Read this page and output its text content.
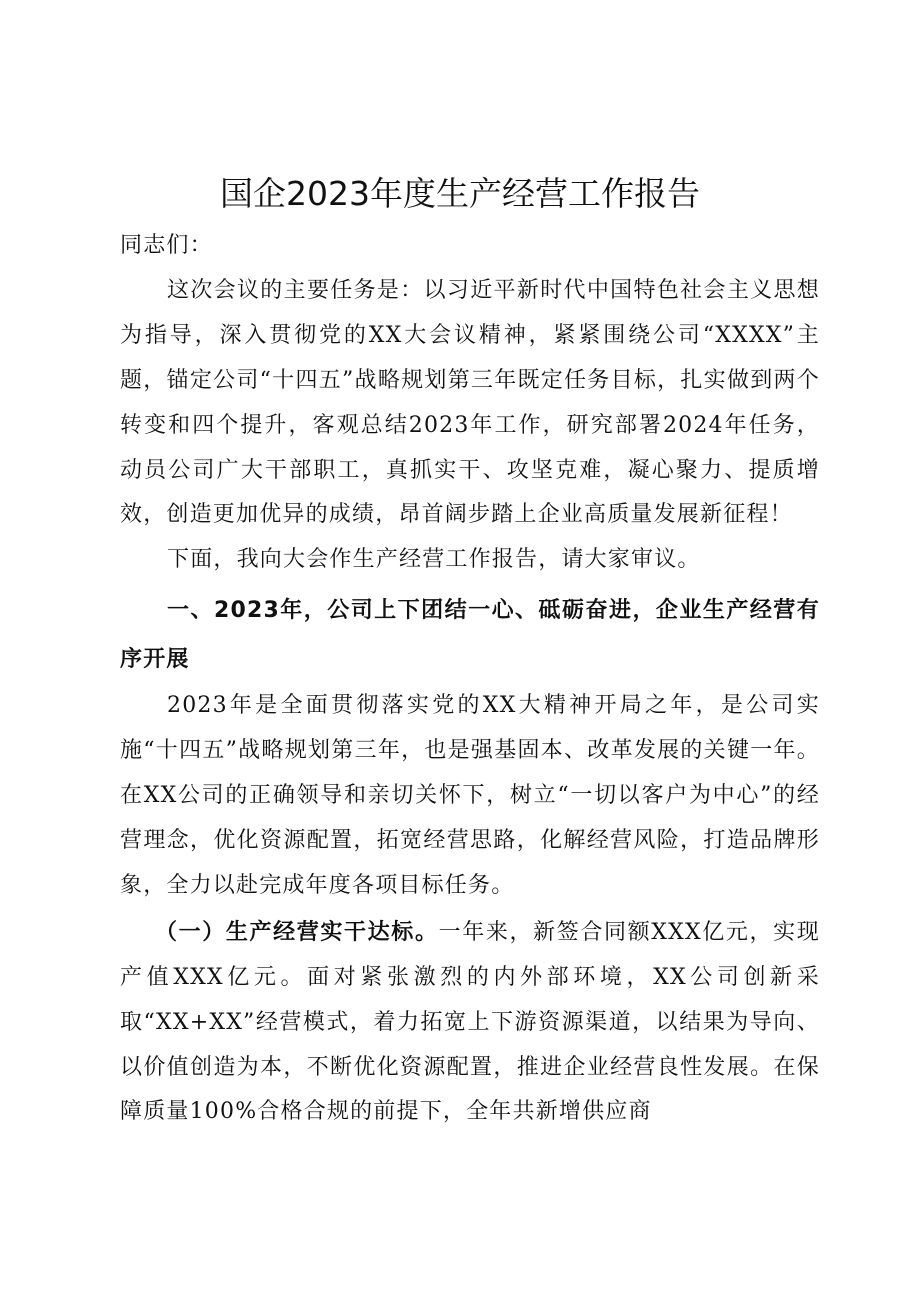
国企2023年度生产经营工作报告

同志们：

这次会议的主要任务是：以习近平新时代中国特色社会主义思想为指导，深入贯彻党的XX大会议精神，紧紧围绕公司“XXXX”主题，锚定公司“十四五”战略规划第三年既定任务目标，扎实做到两个转变和四个提升，客观总结2023年工作，研究部署2024年任务，动员公司广大干部职工，真抓实干、攻坚克难，凝心聚力、提质增效，创造更加优异的成绩，昂首阔步踏上企业高质量发展新征程！

下面，我向大会作生产经营工作报告，请大家审议。

一、2023年，公司上下团结一心、砥砺奋进，企业生产经营有序开展

2023年是全面贯彻落实党的XX大精神开局之年，是公司实施“十四五”战略规划第三年，也是强基固本、改革发展的关键一年。在XX公司的正确领导和亲切关怀下，树立“一切以客户为中心”的经营理念，优化资源配置，拓宽经营思路，化解经营风险，打造品牌形象，全力以赴完成年度各项目标任务。

（一）生产经营实干达标。一年来，新签合同额XXX亿元，实现产值XXX亿元。面对紧张激烈的内外部环境，XX公司创新采取“XX+XX”经营模式，着力拓宽上下游资源渠道，以结果为导向、以价值创造为本，不断优化资源配置，推进企业经营良性发展。在保障质量100%合格合规的前提下，全年共新增供应商
